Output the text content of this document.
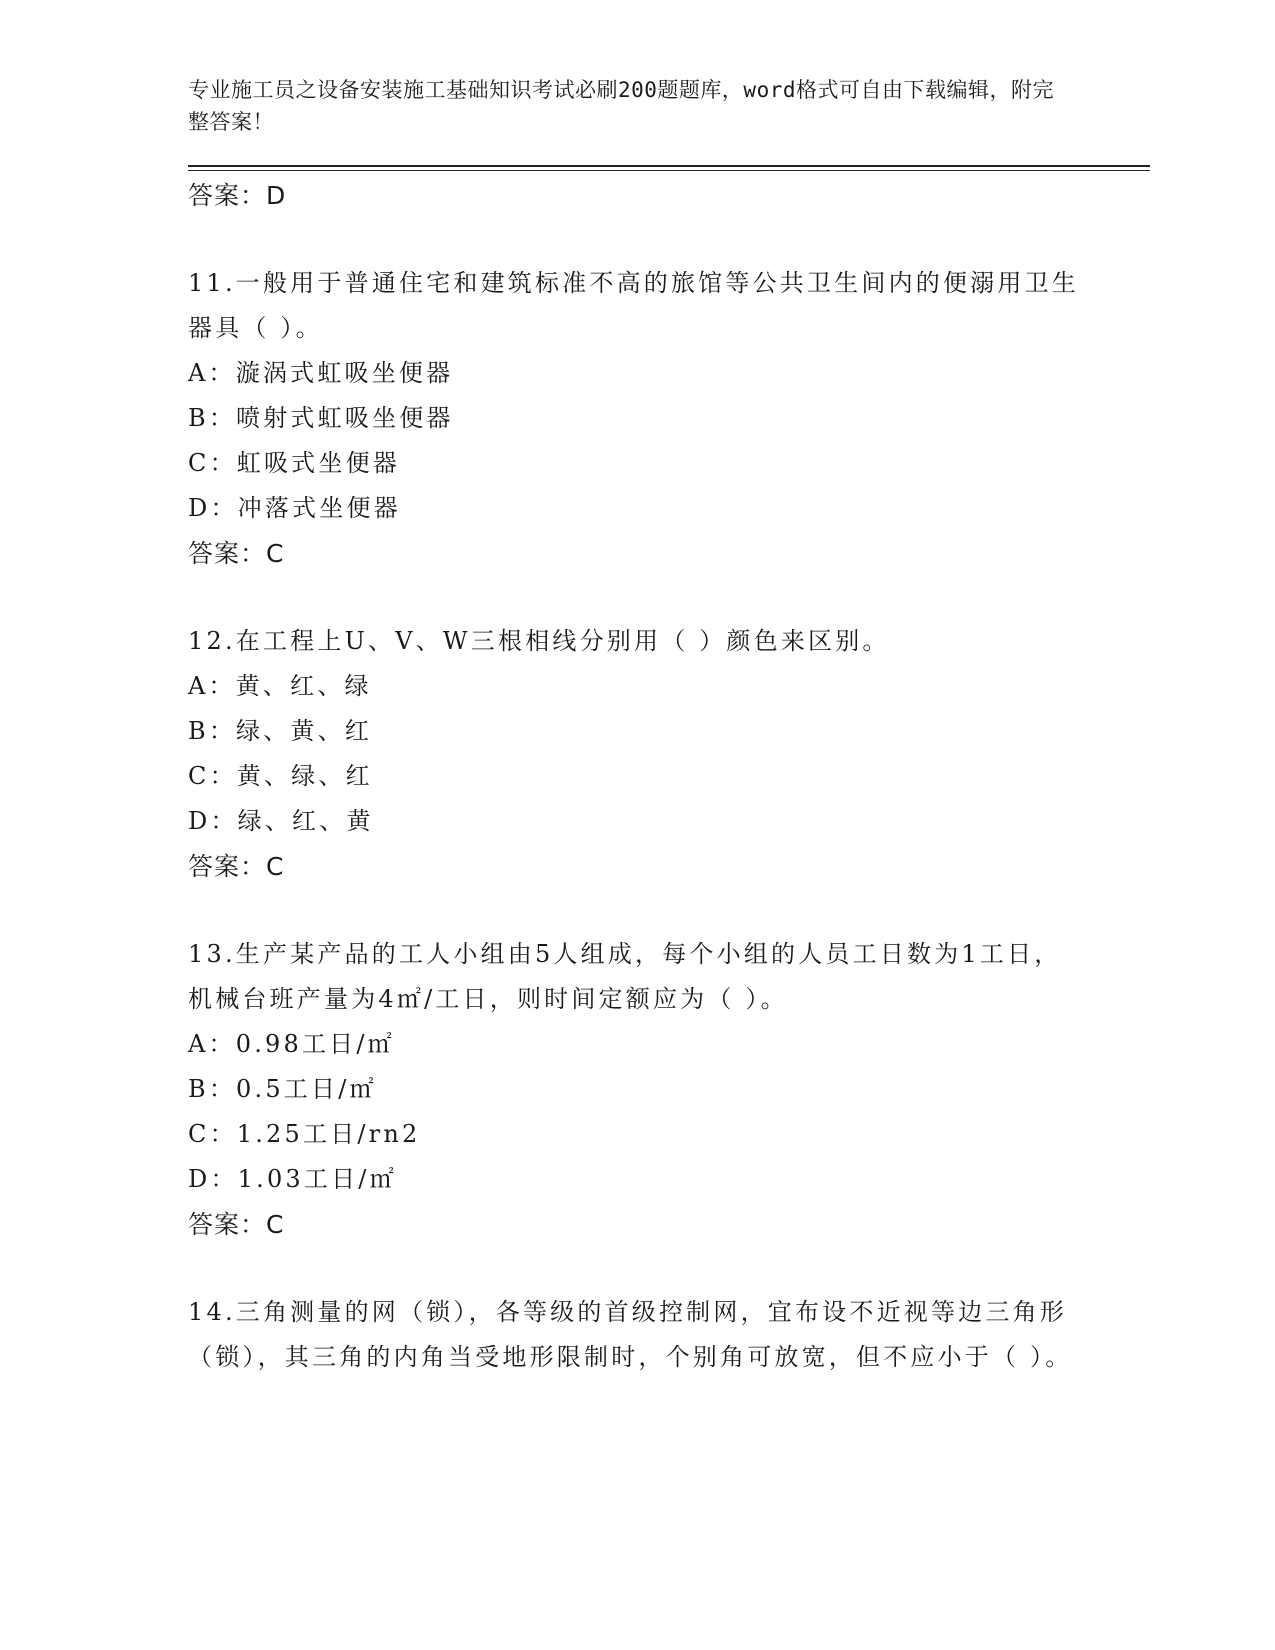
专业施工员之设备安装施工基础知识考试必刷200题题库，word格式可自由下载编辑，附完整答案！
答案：D
11.一般用于普通住宅和建筑标准不高的旅馆等公共卫生间内的便溺用卫生器具（ ）。
A：漩涡式虹吸坐便器
B：喷射式虹吸坐便器
C：虹吸式坐便器
D：冲落式坐便器
答案：C
12.在工程上U、V、W三根相线分别用（ ）颜色来区别。
A：黄、红、绿
B：绿、黄、红
C：黄、绿、红
D：绿、红、黄
答案：C
13.生产某产品的工人小组由5人组成，每个小组的人员工日数为1工日，机械台班产量为4㎡/工日，则时间定额应为（ ）。
A：0.98工日/㎡
B：0.5工日/㎡
C：1.25工日/rn2
D：1.03工日/㎡
答案：C
14.三角测量的网（锁），各等级的首级控制网，宜布设不近视等边三角形（锁），其三角的内角当受地形限制时，个别角可放宽，但不应小于（ ）。
